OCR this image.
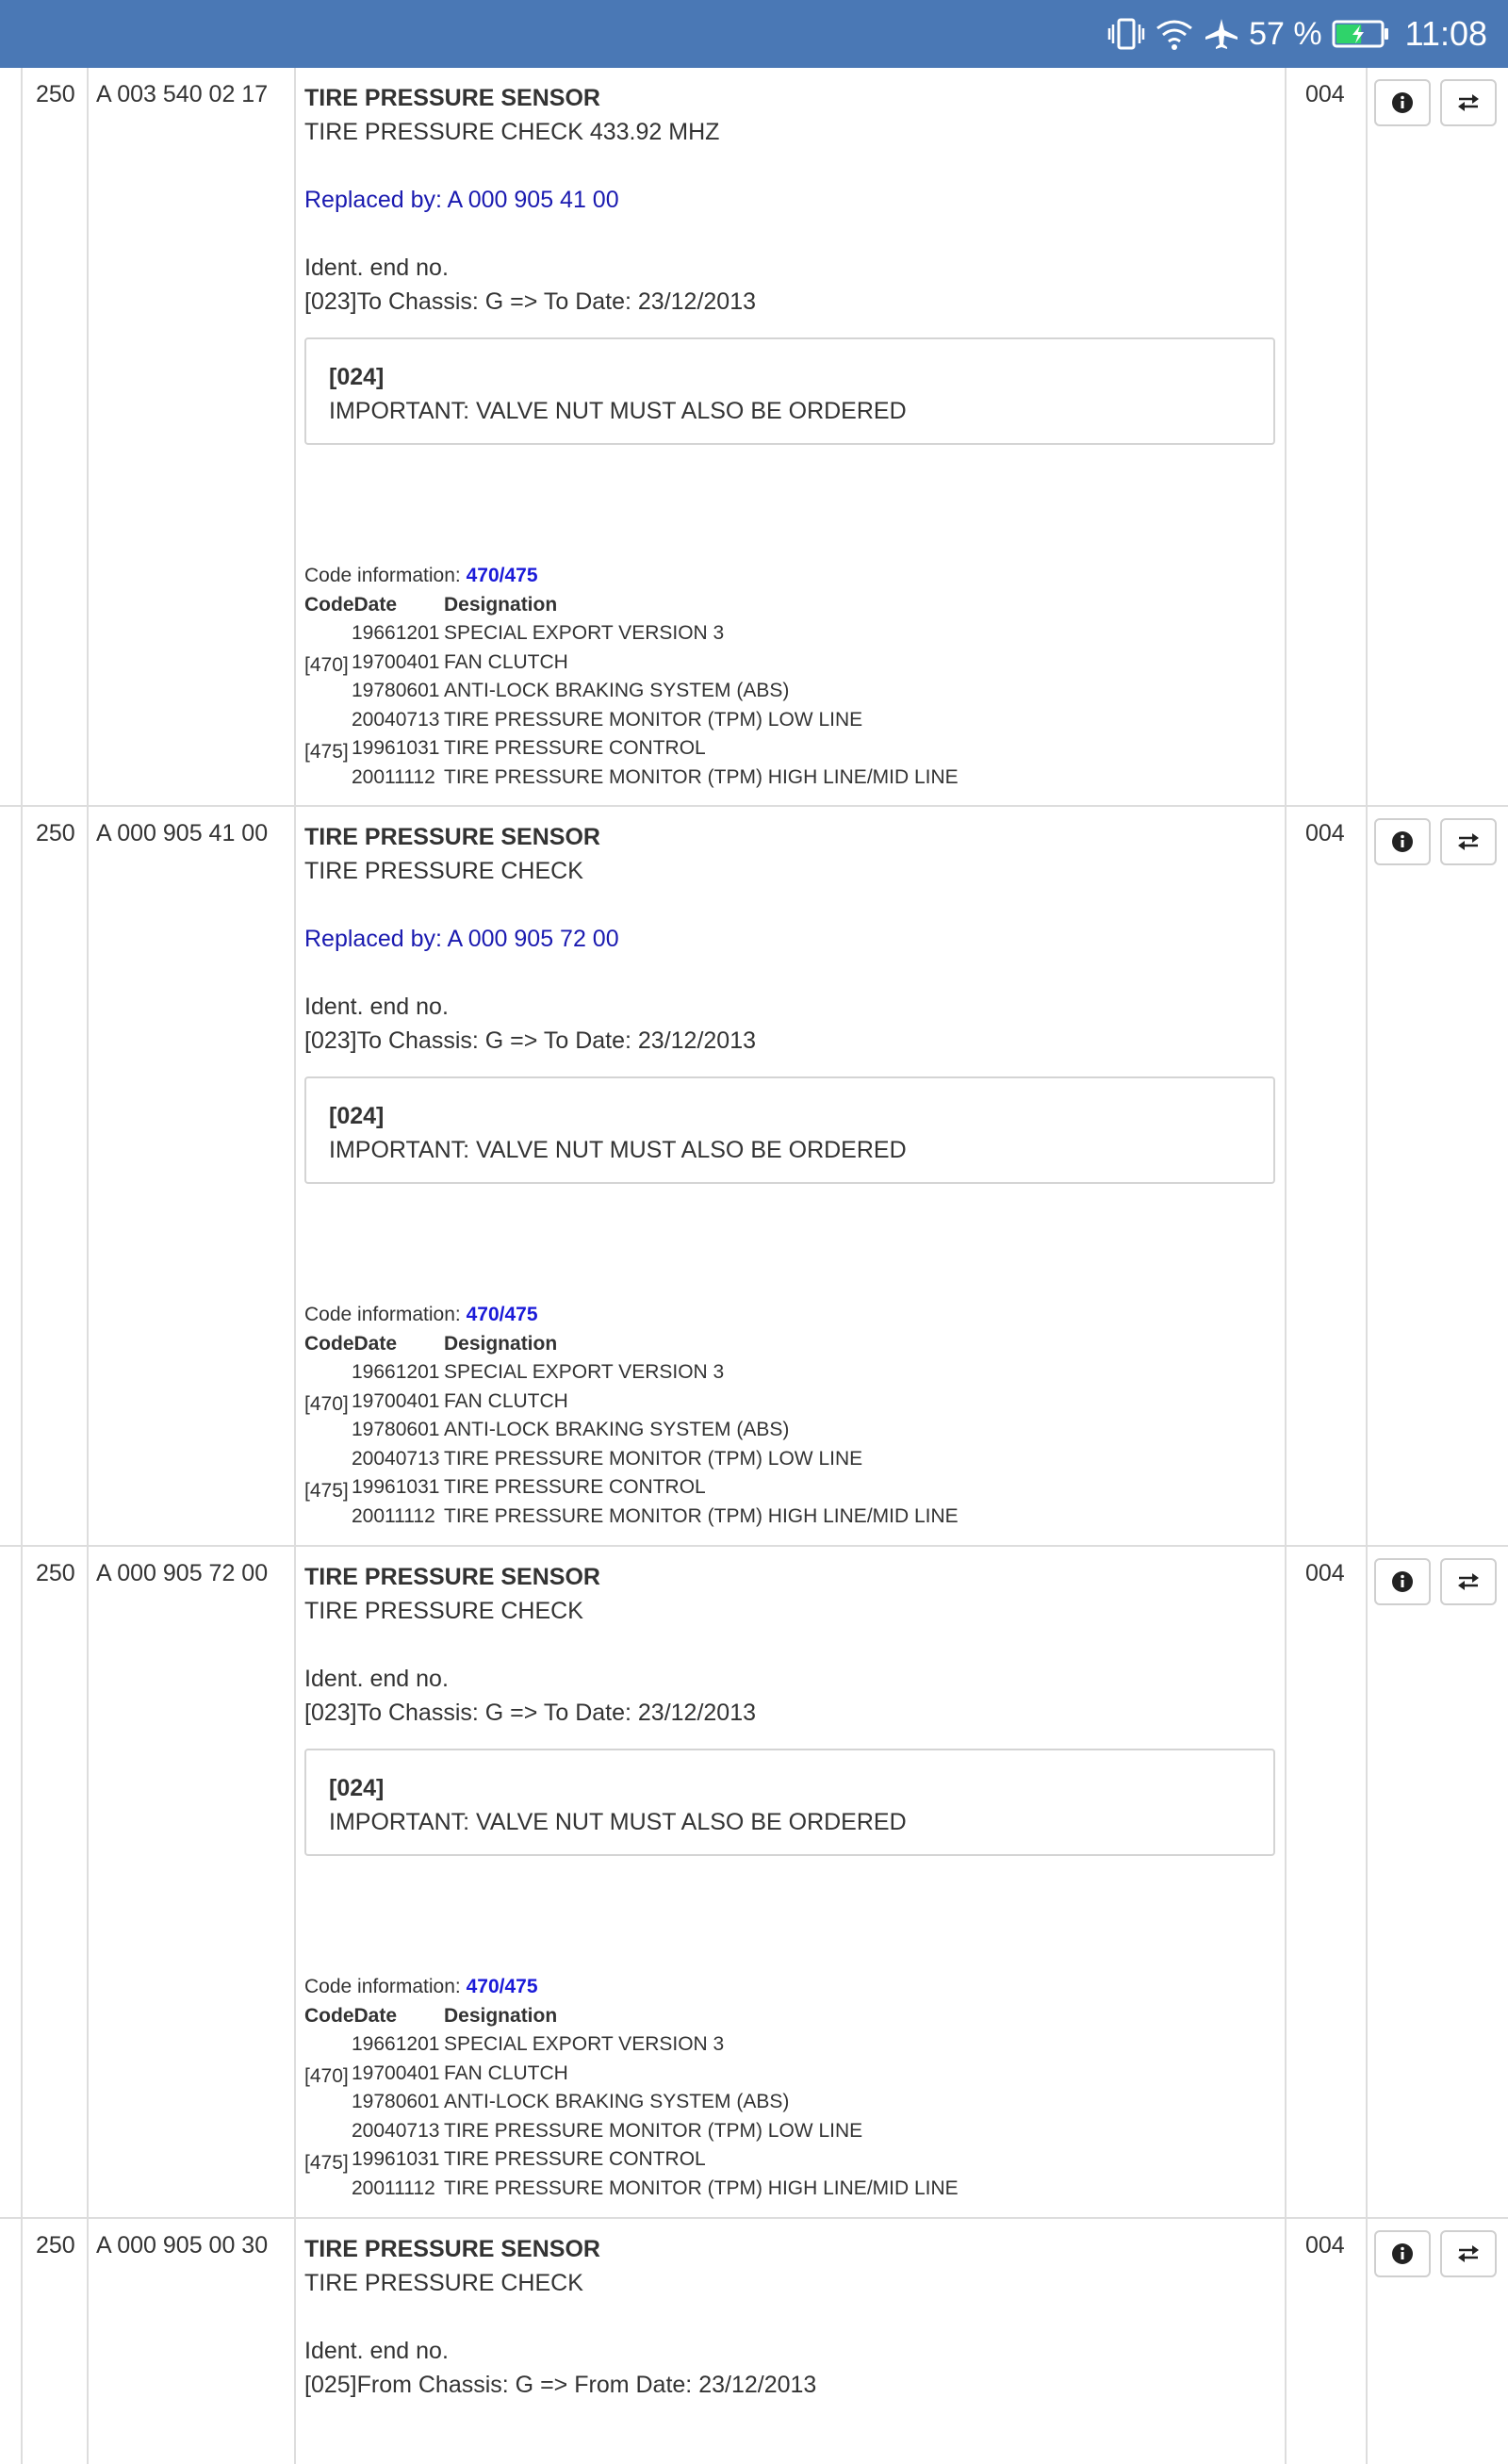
57 % 11:08
250 A 003 540 02 17 TIRE PRESSURE SENSOR
TIRE PRESSURE CHECK 433.92 MHZ
Replaced by: A 000 905 41 00
Ident. end no.
[023]To Chassis: G => To Date: 23/12/2013
[024]
IMPORTANT: VALVE NUT MUST ALSO BE ORDERED
Code information: 470/475
CodeDate Designation
[470]
19661201 SPECIAL EXPORT VERSION 3
19700401 FAN CLUTCH
19780601 ANTI-LOCK BRAKING SYSTEM (ABS)
[475]
20040713 TIRE PRESSURE MONITOR (TPM) LOW LINE
19961031 TIRE PRESSURE CONTROL
20011112 TIRE PRESSURE MONITOR (TPM) HIGH LINE/MID LINE
004
250 A 000 905 41 00 TIRE PRESSURE SENSOR
TIRE PRESSURE CHECK
Replaced by: A 000 905 72 00
Ident. end no.
[023]To Chassis: G => To Date: 23/12/2013
[024]
IMPORTANT: VALVE NUT MUST ALSO BE ORDERED
Code information: 470/475
CodeDate Designation
[470]
19661201 SPECIAL EXPORT VERSION 3
19700401 FAN CLUTCH
19780601 ANTI-LOCK BRAKING SYSTEM (ABS)
[475]
20040713 TIRE PRESSURE MONITOR (TPM) LOW LINE
19961031 TIRE PRESSURE CONTROL
20011112 TIRE PRESSURE MONITOR (TPM) HIGH LINE/MID LINE
004
250 A 000 905 72 00 TIRE PRESSURE SENSOR
TIRE PRESSURE CHECK
Ident. end no.
[023]To Chassis: G => To Date: 23/12/2013
[024]
IMPORTANT: VALVE NUT MUST ALSO BE ORDERED
Code information: 470/475
CodeDate Designation
[470]
19661201 SPECIAL EXPORT VERSION 3
19700401 FAN CLUTCH
19780601 ANTI-LOCK BRAKING SYSTEM (ABS)
[475]
20040713 TIRE PRESSURE MONITOR (TPM) LOW LINE
19961031 TIRE PRESSURE CONTROL
20011112 TIRE PRESSURE MONITOR (TPM) HIGH LINE/MID LINE
004
250 A 000 905 00 30 TIRE PRESSURE SENSOR
TIRE PRESSURE CHECK
Ident. end no.
[025]From Chassis: G => From Date: 23/12/2013
004
